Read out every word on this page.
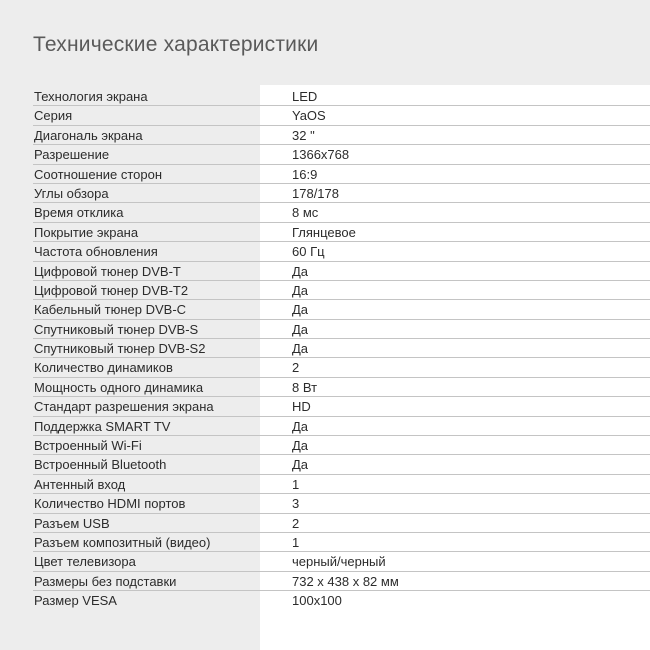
Технические характеристики
Технология экрана	LED
Серия	YaOS
Диагональ экрана	32 "
Разрешение	1366x768
Соотношение сторон	16:9
Углы обзора	178/178
Время отклика	8 мс
Покрытие экрана	Глянцевое
Частота обновления	60 Гц
Цифровой тюнер DVB-T	Да
Цифровой тюнер DVB-T2	Да
Кабельный тюнер DVB-C	Да
Спутниковый тюнер DVB-S	Да
Спутниковый тюнер DVB-S2	Да
Количество динамиков	2
Мощность одного динамика	8 Вт
Стандарт разрешения экрана	HD
Поддержка SMART TV	Да
Встроенный Wi-Fi	Да
Встроенный Bluetooth	Да
Антенный вход	1
Количество HDMI портов	3
Разъем USB	2
Разъем композитный (видео)	1
Цвет телевизора	черный/черный
Размеры без подставки	732 x 438 x 82 мм
Размер VESA	100x100
